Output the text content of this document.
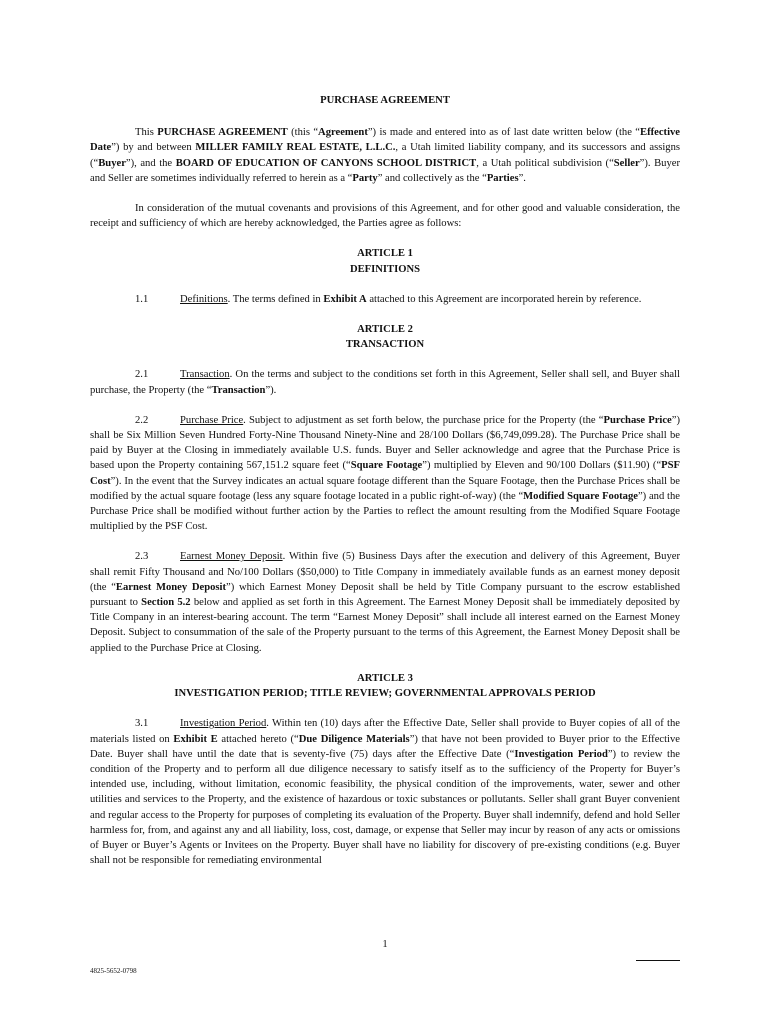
PURCHASE AGREEMENT

This PURCHASE AGREEMENT (this “Agreement”) is made and entered into as of last date written below (the “Effective Date”) by and between MILLER FAMILY REAL ESTATE, L.L.C., a Utah limited liability company, and its successors and assigns (“Buyer”), and the BOARD OF EDUCATION OF CANYONS SCHOOL DISTRICT, a Utah political subdivision (“Seller”). Buyer and Seller are sometimes individually referred to herein as a “Party” and collectively as the “Parties”.

In consideration of the mutual covenants and provisions of this Agreement, and for other good and valuable consideration, the receipt and sufficiency of which are hereby acknowledged, the Parties agree as follows:

ARTICLE 1
DEFINITIONS

1.1	Definitions. The terms defined in Exhibit A attached to this Agreement are incorporated herein by reference.

ARTICLE 2
TRANSACTION

2.1	Transaction. On the terms and subject to the conditions set forth in this Agreement, Seller shall sell, and Buyer shall purchase, the Property (the “Transaction”).

2.2	Purchase Price. Subject to adjustment as set forth below, the purchase price for the Property (the “Purchase Price”) shall be Six Million Seven Hundred Forty-Nine Thousand Ninety-Nine and 28/100 Dollars ($6,749,099.28). The Purchase Price shall be paid by Buyer at the Closing in immediately available U.S. funds. Buyer and Seller acknowledge and agree that the Purchase Price is based upon the Property containing 567,151.2 square feet (“Square Footage”) multiplied by Eleven and 90/100 Dollars ($11.90) (“PSF Cost”). In the event that the Survey indicates an actual square footage different than the Square Footage, then the Purchase Prices shall be modified by the actual square footage (less any square footage located in a public right-of-way) (the “Modified Square Footage”) and the Purchase Price shall be modified without further action by the Parties to reflect the amount resulting from the Modified Square Footage multiplied by the PSF Cost.

2.3	Earnest Money Deposit. Within five (5) Business Days after the execution and delivery of this Agreement, Buyer shall remit Fifty Thousand and No/100 Dollars ($50,000) to Title Company in immediately available funds as an earnest money deposit (the “Earnest Money Deposit”) which Earnest Money Deposit shall be held by Title Company pursuant to the escrow established pursuant to Section 5.2 below and applied as set forth in this Agreement. The Earnest Money Deposit shall be immediately deposited by Title Company in an interest-bearing account. The term “Earnest Money Deposit” shall include all interest earned on the Earnest Money Deposit. Subject to consummation of the sale of the Property pursuant to the terms of this Agreement, the Earnest Money Deposit shall be applied to the Purchase Price at Closing.

ARTICLE 3
INVESTIGATION PERIOD; TITLE REVIEW; GOVERNMENTAL APPROVALS PERIOD

3.1	Investigation Period. Within ten (10) days after the Effective Date, Seller shall provide to Buyer copies of all of the materials listed on Exhibit E attached hereto (“Due Diligence Materials”) that have not been provided to Buyer prior to the Effective Date. Buyer shall have until the date that is seventy-five (75) days after the Effective Date (“Investigation Period”) to review the condition of the Property and to perform all due diligence necessary to satisfy itself as to the sufficiency of the Property for Buyer’s intended use, including, without limitation, economic feasibility, the physical condition of the improvements, water, sewer and other utilities and services to the Property, and the existence of hazardous or toxic substances or pollutants. Seller shall grant Buyer convenient and regular access to the Property for purposes of completing its evaluation of the Property. Buyer shall indemnify, defend and hold Seller harmless for, from, and against any and all liability, loss, cost, damage, or expense that Seller may incur by reason of any acts or omissions of Buyer or Buyer’s Agents or Invitees on the Property. Buyer shall have no liability for discovery of pre-existing conditions (e.g. Buyer shall not be responsible for remediating environmental

1
4825-5652-0798
